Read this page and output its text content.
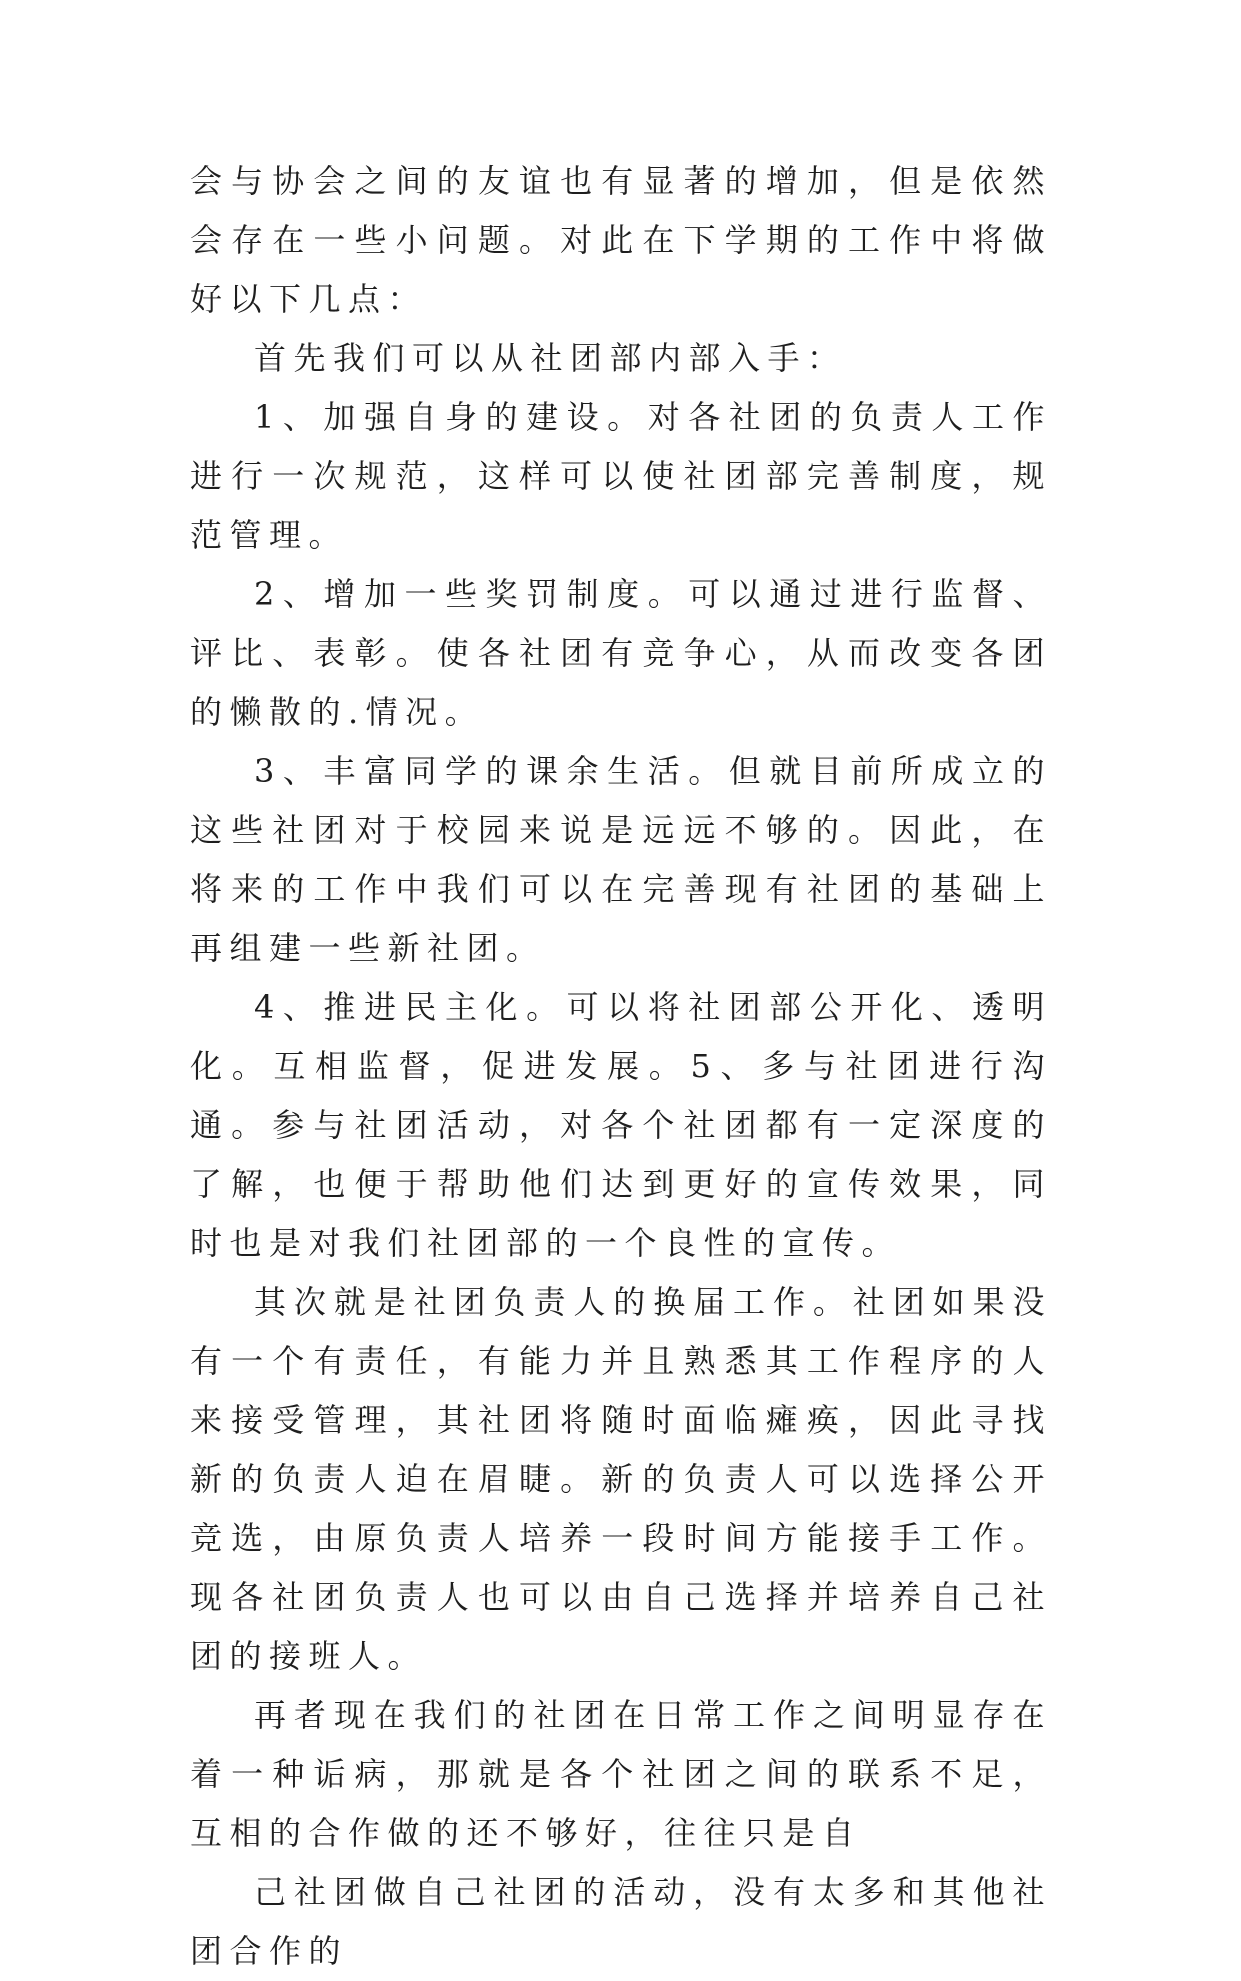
会与协会之间的友谊也有显著的增加，但是依然会存在一些小问题。对此在下学期的工作中将做好以下几点：

首先我们可以从社团部内部入手：

1、加强自身的建设。对各社团的负责人工作进行一次规范，这样可以使社团部完善制度，规范管理。

2、增加一些奖罚制度。可以通过进行监督、评比、表彰。使各社团有竞争心，从而改变各团的懒散的.情况。

3、丰富同学的课余生活。但就目前所成立的这些社团对于校园来说是远远不够的。因此，在将来的工作中我们可以在完善现有社团的基础上再组建一些新社团。

4、推进民主化。可以将社团部公开化、透明化。互相监督，促进发展。5、多与社团进行沟通。参与社团活动，对各个社团都有一定深度的了解，也便于帮助他们达到更好的宣传效果，同时也是对我们社团部的一个良性的宣传。

其次就是社团负责人的换届工作。社团如果没有一个有责任，有能力并且熟悉其工作程序的人来接受管理，其社团将随时面临瘫痪，因此寻找新的负责人迫在眉睫。新的负责人可以选择公开竞选，由原负责人培养一段时间方能接手工作。现各社团负责人也可以由自己选择并培养自己社团的接班人。

再者现在我们的社团在日常工作之间明显存在着一种诟病，那就是各个社团之间的联系不足，互相的合作做的还不够好，往往只是自

己社团做自己社团的活动，没有太多和其他社团合作的
